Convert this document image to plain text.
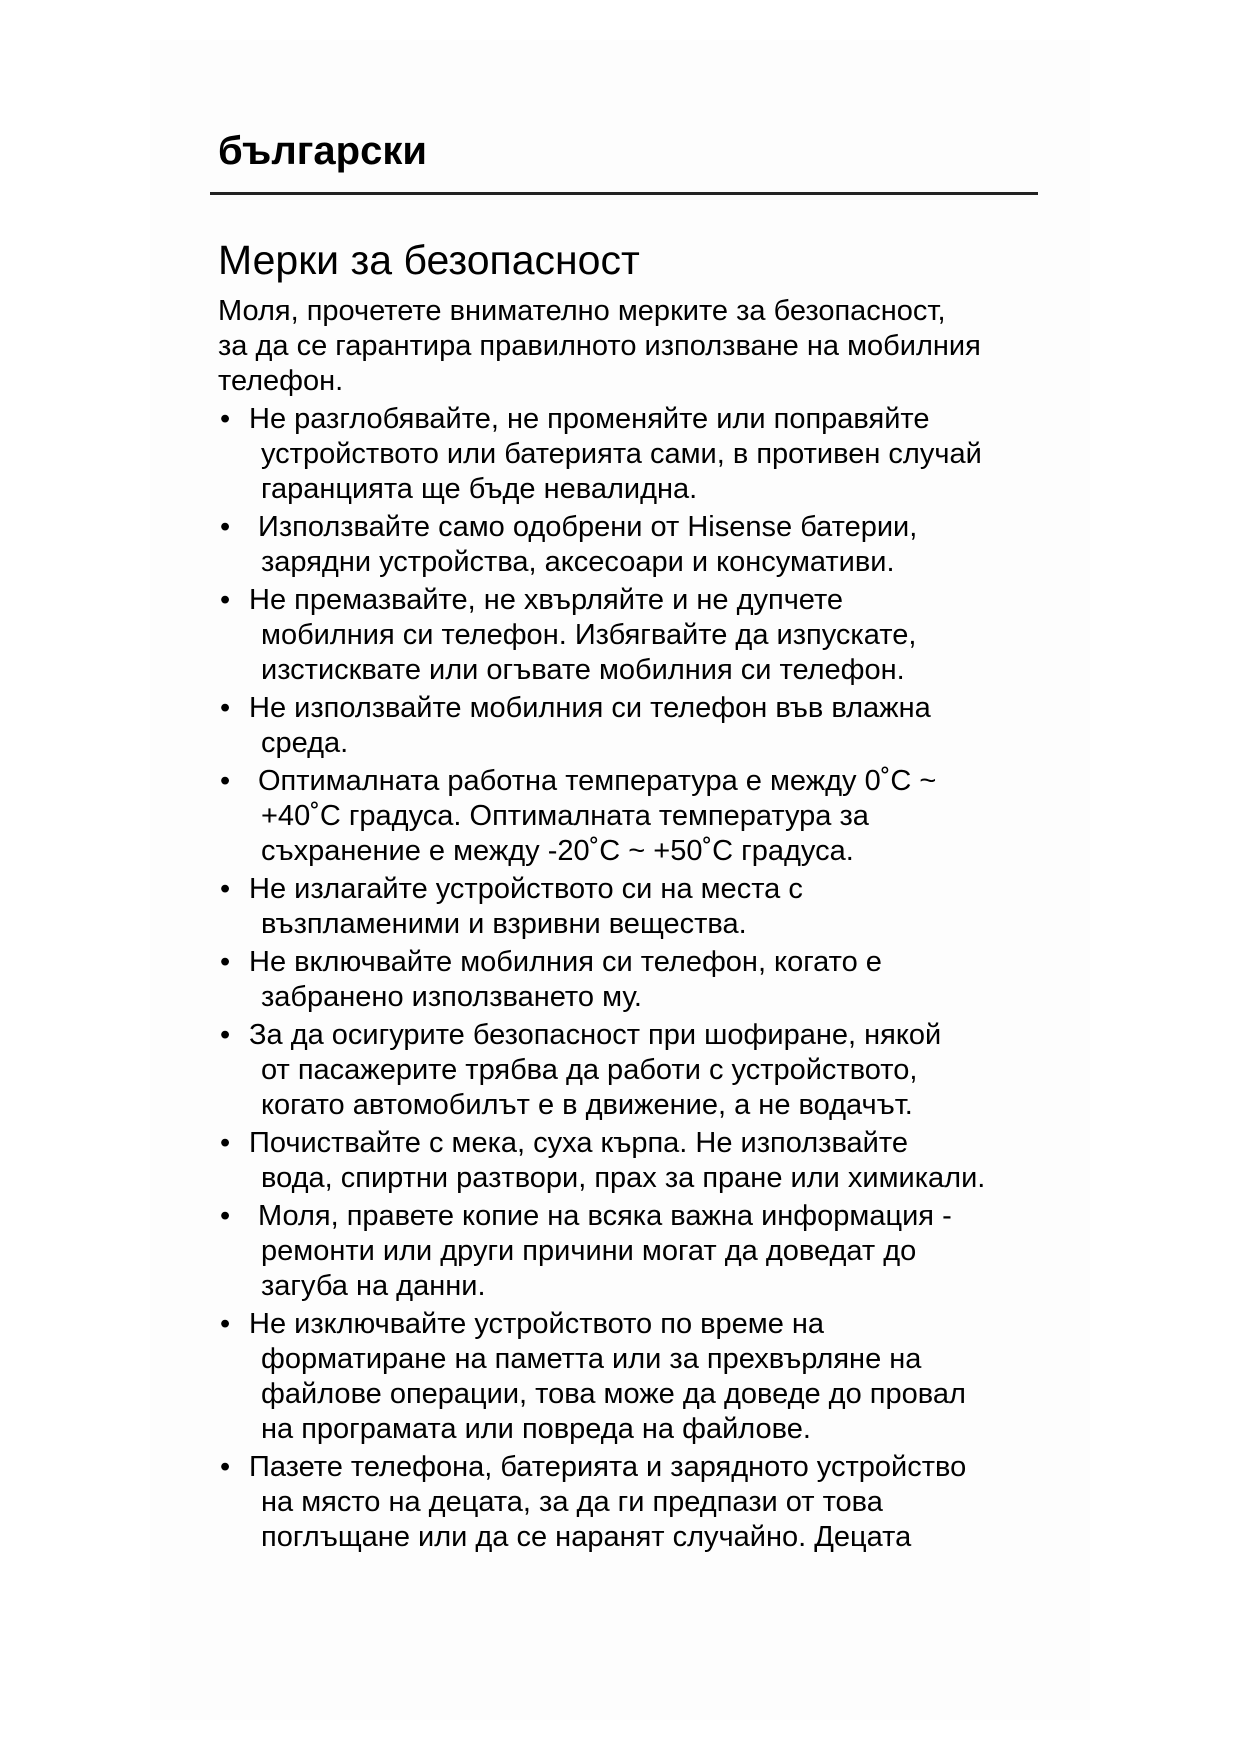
български
Мерки за безопасност

Моля, прочетете внимателно мерките за безопасност,
за да се гарантира правилното използване на мобилния
телефон.

• Не разглобявайте, не променяйте или поправяйте
устройството или батерията сами, в противен случай
гаранцията ще бъде невалидна.
• Използвайте само одобрени от Hisense батерии,
зарядни устройства, аксесоари и консумативи.
• Не премазвайте, не хвърляйте и не дупчете
мобилния си телефон. Избягвайте да изпускате,
изстисквате или огъвате мобилния си телефон.
• Не използвайте мобилния си телефон във влажна
среда.
• Оптималната работна температура е между 0˚C ~
+40˚C градуса. Оптималната температура за
съхранение е между -20˚C ~ +50˚C градуса.
• Не излагайте устройството си на места с
възпламеними и взривни вещества.
• Не включвайте мобилния си телефон, когато е
забранено използването му.
• За да осигурите безопасност при шофиране, някой
от пасажерите трябва да работи с устройството,
когато автомобилът е в движение, а не водачът.
• Почиствайте с мека, суха кърпа. Не използвайте
вода, спиртни разтвори, прах за пране или химикали.
• Моля, правете копие на всяка важна информация -
ремонти или други причини могат да доведат до
загуба на данни.
• Не изключвайте устройството по време на
форматиране на паметта или за прехвърляне на
файлове операции, това може да доведе до провал
на програмата или повреда на файлове.
• Пазете телефона, батерията и зарядното устройство
на място на децата, за да ги предпази от това
поглъщане или да се наранят случайно. Децата
